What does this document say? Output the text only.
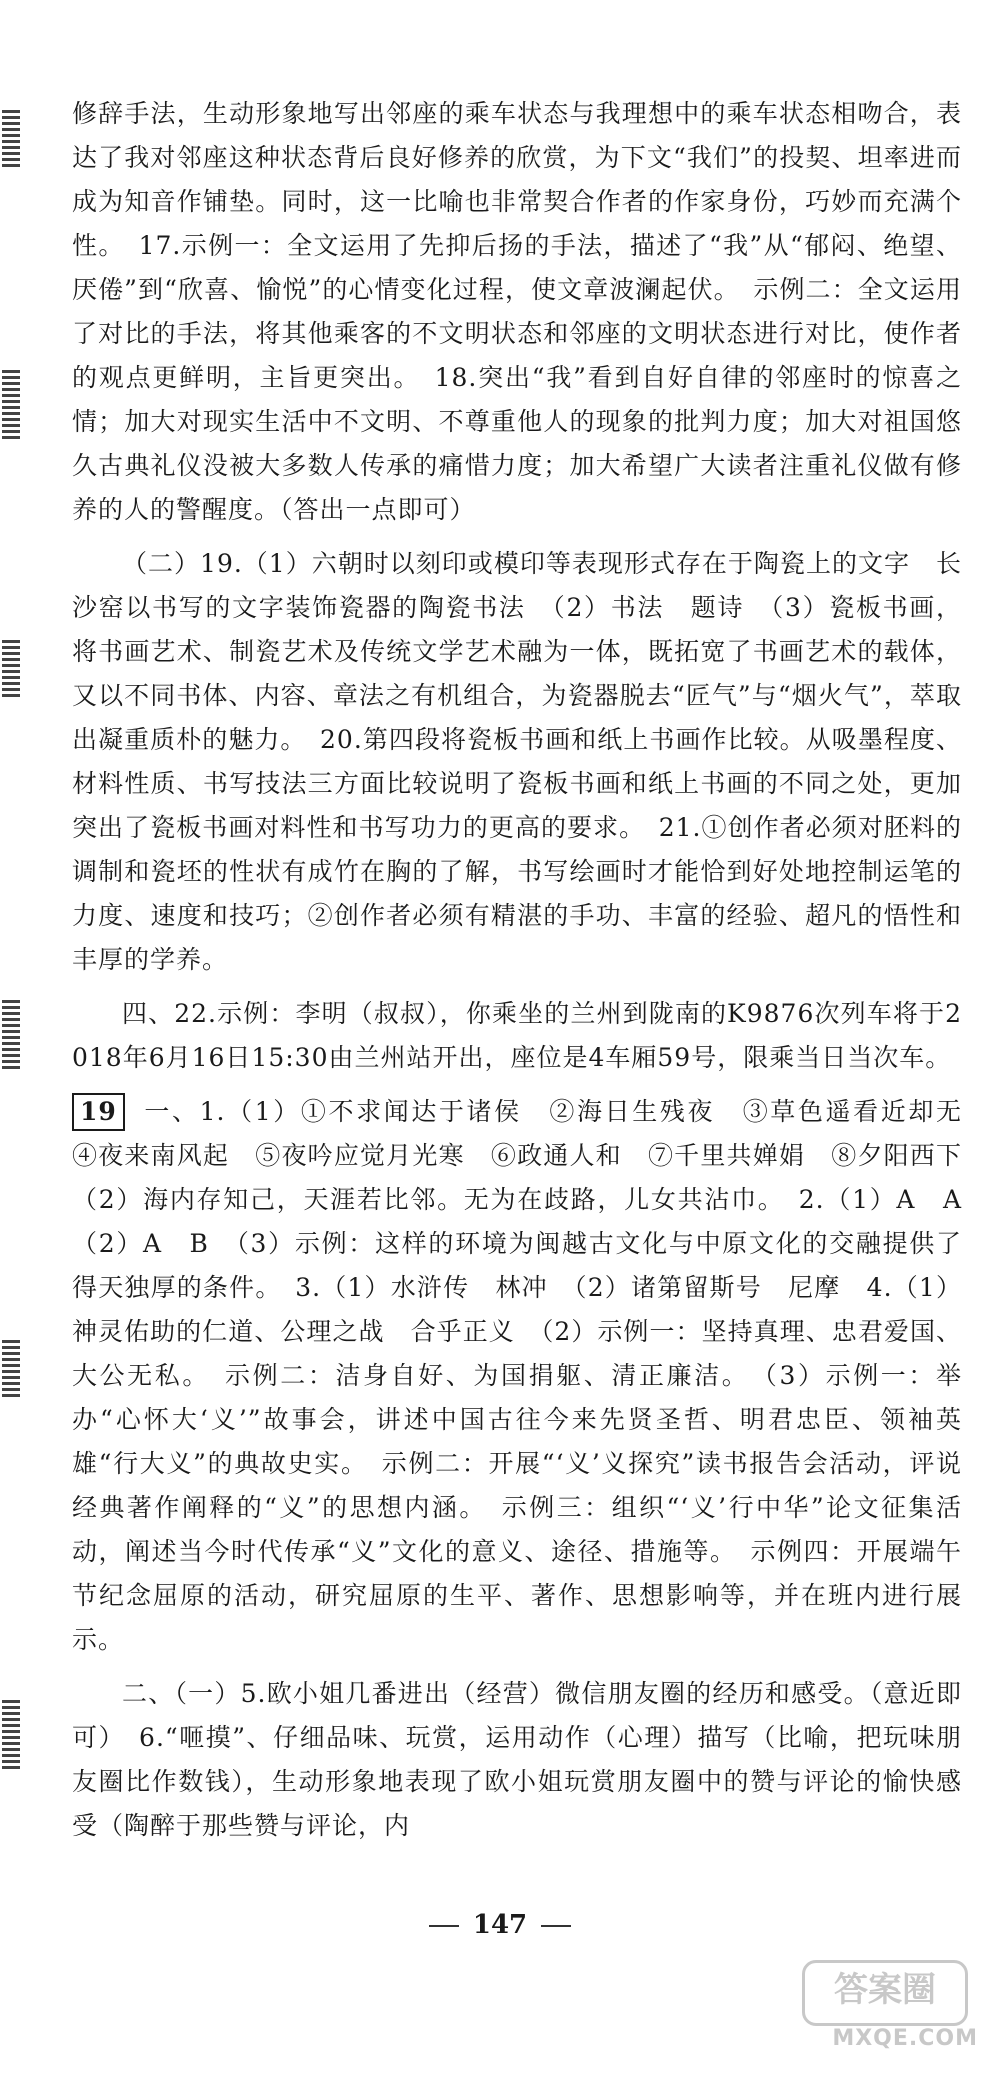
修辞手法，生动形象地写出邻座的乘车状态与我理想中的乘车状态相吻合，表达了我对邻座这种状态背后良好修养的欣赏，为下文“我们”的投契、坦率进而成为知音作铺垫。同时，这一比喻也非常契合作者的作家身份，巧妙而充满个性。　17.示例一：全文运用了先抑后扬的手法，描述了“我”从“郁闷、绝望、厌倦”到“欣喜、愉悦”的心情变化过程，使文章波澜起伏。　示例二：全文运用了对比的手法，将其他乘客的不文明状态和邻座的文明状态进行对比，使作者的观点更鲜明，主旨更突出。　18.突出“我”看到自好自律的邻座时的惊喜之情；加大对现实生活中不文明、不尊重他人的现象的批判力度；加大对祖国悠久古典礼仪没被大多数人传承的痛惜力度；加大希望广大读者注重礼仪做有修养的人的警醒度。（答出一点即可）

（二）19.（1）六朝时以刻印或模印等表现形式存在于陶瓷上的文字　长沙窑以书写的文字装饰瓷器的陶瓷书法　（2）书法　题诗　（3）瓷板书画，将书画艺术、制瓷艺术及传统文学艺术融为一体，既拓宽了书画艺术的载体，又以不同书体、内容、章法之有机组合，为瓷器脱去“匠气”与“烟火气”，萃取出凝重质朴的魅力。　20.第四段将瓷板书画和纸上书画作比较。从吸墨程度、材料性质、书写技法三方面比较说明了瓷板书画和纸上书画的不同之处，更加突出了瓷板书画对料性和书写功力的更高的要求。　21.①创作者必须对胚料的调制和瓷坯的性状有成竹在胸的了解，书写绘画时才能恰到好处地控制运笔的力度、速度和技巧；②创作者必须有精湛的手功、丰富的经验、超凡的悟性和丰厚的学养。

四、22.示例：李明（叔叔），你乘坐的兰州到陇南的K9876次列车将于2018年6月16日15:30由兰州站开出，座位是4车厢59号，限乘当日当次车。

19 一、1.（1）①不求闻达于诸侯　②海日生残夜　③草色遥看近却无　④夜来南风起　⑤夜吟应觉月光寒　⑥政通人和　⑦千里共婵娟　⑧夕阳西下　（2）海内存知己，天涯若比邻。无为在歧路，儿女共沾巾。　2.（1）A　A　（2）A　B　（3）示例：这样的环境为闽越古文化与中原文化的交融提供了得天独厚的条件。　3.（1）水浒传　林冲　（2）诸第留斯号　尼摩　4.（1）神灵佑助的仁道、公理之战　合乎正义　（2）示例一：坚持真理、忠君爱国、大公无私。　示例二：洁身自好、为国捐躯、清正廉洁。　（3）示例一：举办“心怀大‘义’”故事会，讲述中国古往今来先贤圣哲、明君忠臣、领袖英雄“行大义”的典故史实。　示例二：开展“‘义’义探究”读书报告会活动，评说经典著作阐释的“义”的思想内涵。　示例三：组织“‘义’行中华”论文征集活动，阐述当今时代传承“义”文化的意义、途径、措施等。　示例四：开展端午节纪念屈原的活动，研究屈原的生平、著作、思想影响等，并在班内进行展示。

二、（一）5.欧小姐几番进出（经营）微信朋友圈的经历和感受。（意近即可）　6.“咂摸”、仔细品味、玩赏，运用动作（心理）描写（比喻，把玩味朋友圈比作数钱），生动形象地表现了欧小姐玩赏朋友圈中的赞与评论的愉快感受（陶醉于那些赞与评论，内

147
答案圈
MXQE.COM
